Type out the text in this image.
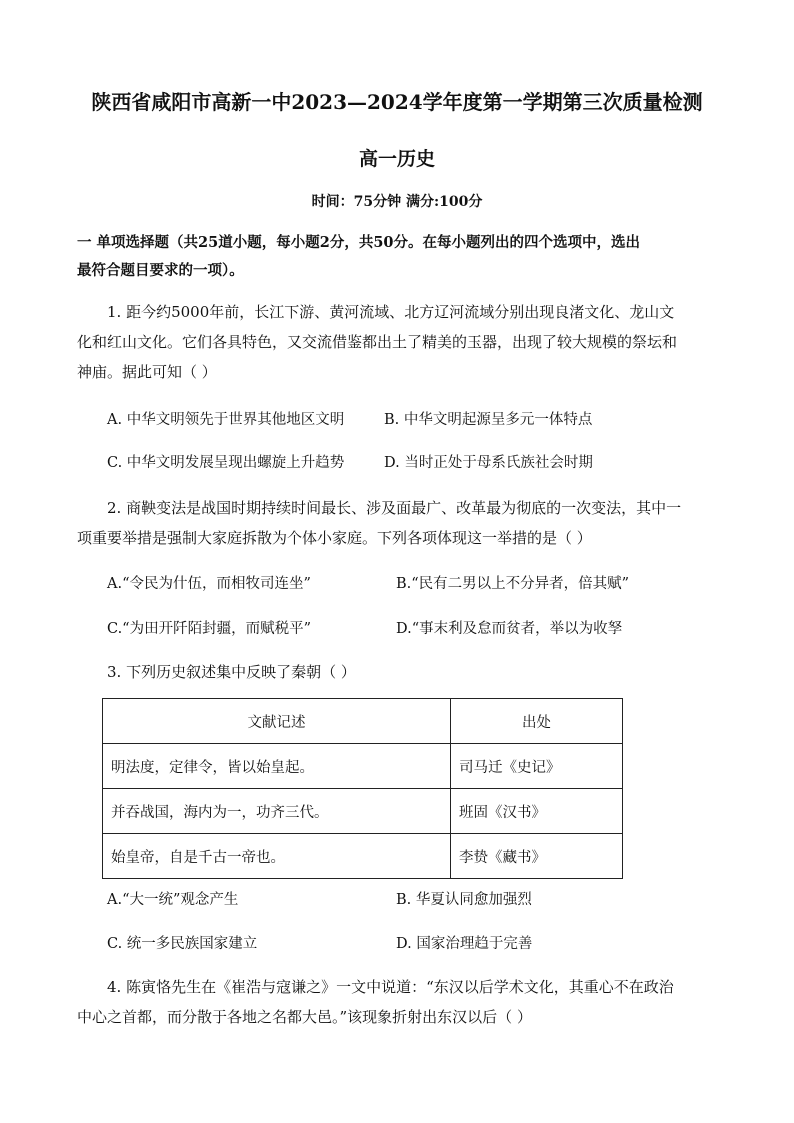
陕西省咸阳市高新一中2023—2024学年度第一学期第三次质量检测
高一历史
时间：75分钟 满分:100分
一 单项选择题（共25道小题，每小题2分，共50分。在每小题列出的四个选项中，选出
最符合题目要求的一项）。
1. 距今约5000年前，长江下游、黄河流域、北方辽河流域分别出现良渚文化、龙山文
化和红山文化。它们各具特色，又交流借鉴都出土了精美的玉器，出现了较大规模的祭坛和
神庙。据此可知（ ）
A. 中华文明领先于世界其他地区文明	B. 中华文明起源呈多元一体特点
C. 中华文明发展呈现出螺旋上升趋势	D. 当时正处于母系氏族社会时期
2. 商鞅变法是战国时期持续时间最长、涉及面最广、改革最为彻底的一次变法，其中一
项重要举措是强制大家庭拆散为个体小家庭。下列各项体现这一举措的是（ ）
A.“令民为什伍，而相牧司连坐”	B.“民有二男以上不分异者，倍其赋”
C.“为田开阡陌封疆，而赋税平”	D.“事末利及怠而贫者，举以为收孥
3. 下列历史叙述集中反映了秦朝（ ）
文献记述	出处
明法度，定律令，皆以始皇起。	司马迁《史记》
并吞战国，海内为一，功齐三代。	班固《汉书》
始皇帝，自是千古一帝也。	李贽《藏书》
A.“大一统”观念产生	B. 华夏认同愈加强烈
C. 统一多民族国家建立	D. 国家治理趋于完善
4. 陈寅恪先生在《崔浩与寇谦之》一文中说道：“东汉以后学术文化，其重心不在政治
中心之首都，而分散于各地之名都大邑。”该现象折射出东汉以后（ ）
